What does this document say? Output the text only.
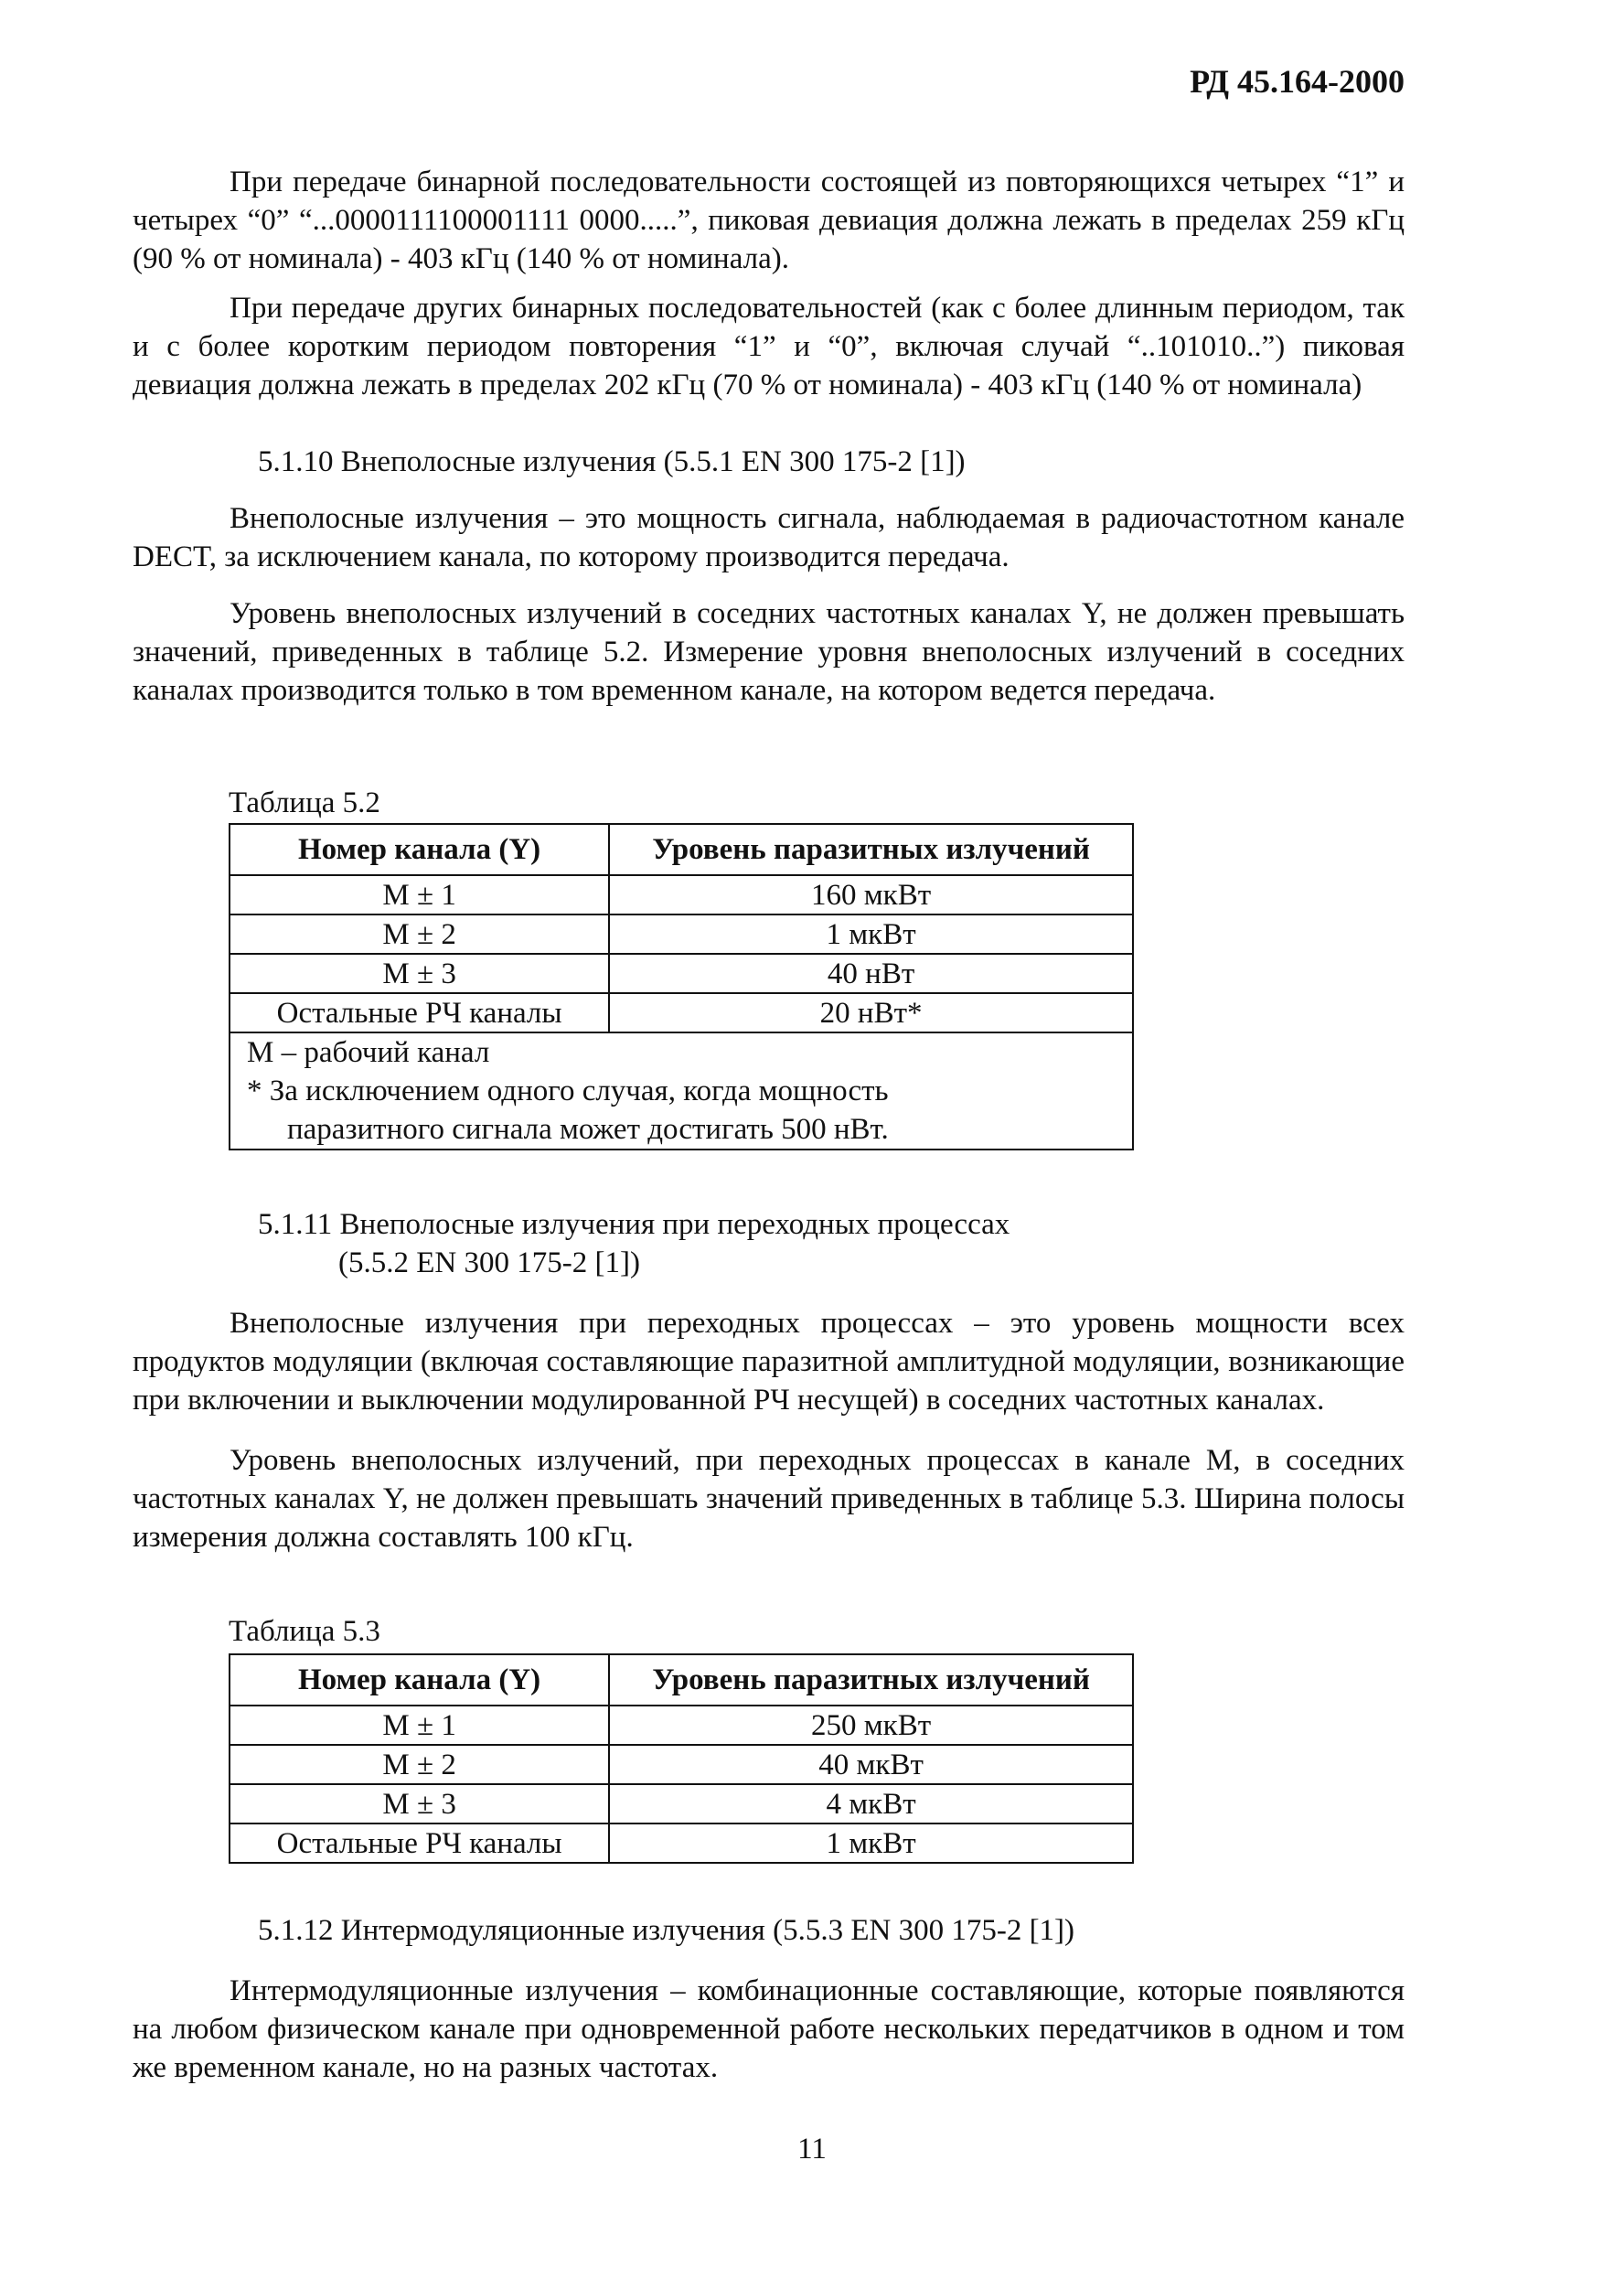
РД 45.164-2000

При передаче бинарной последовательности состоящей из повторяющихся четырех “1” и четырех “0” “...0000111100001111 0000.....”, пиковая девиация должна лежать в пределах 259 кГц (90 % от номинала) - 403 кГц (140 % от номинала).

При передаче других бинарных последовательностей (как с более длинным периодом, так и с более коротким периодом повторения “1” и “0”, включая случай “..101010..”) пиковая девиация должна лежать в пределах 202 кГц (70 % от номинала) - 403 кГц (140 % от номинала)

5.1.10 Внеполосные излучения (5.5.1 EN 300 175-2 [1])

Внеполосные излучения – это мощность сигнала, наблюдаемая в радиочастотном канале DECT, за исключением канала, по которому производится передача.

Уровень внеполосных излучений в соседних частотных каналах Y, не должен превышать значений, приведенных в таблице 5.2. Измерение уровня внеполосных излучений в соседних каналах производится только в том временном канале, на котором ведется передача.

Таблица 5.2
Номер канала (Y)	Уровень паразитных излучений
M ± 1	160 мкВт
M ± 2	1 мкВт
M ± 3	40 нВт
Остальные РЧ каналы	20 нВт*

M – рабочий канал
* За исключением одного случая, когда мощность
паразитного сигнала может достигать 500 нВт.	
5.1.11 Внеполосные излучения при переходных процессах
(5.5.2 EN 300 175-2 [1])

Внеполосные излучения при переходных процессах – это уровень мощности всех продуктов модуляции (включая составляющие паразитной амплитудной модуляции, возникающие при включении и выключении модулированной РЧ несущей) в соседних частотных каналах.

Уровень внеполосных излучений, при переходных процессах в канале М, в соседних частотных каналах Y, не должен превышать значений приведенных в таблице 5.3. Ширина полосы измерения должна составлять 100 кГц.

Таблица 5.3
Номер канала (Y)	Уровень паразитных излучений
M ± 1	250 мкВт
M ± 2	40 мкВт
M ± 3	4 мкВт
Остальные РЧ каналы	1 мкВт
5.1.12 Интермодуляционные излучения (5.5.3 EN 300 175-2 [1])

Интермодуляционные излучения – комбинационные составляющие, которые появляются на любом физическом канале при одновременной работе нескольких передатчиков в одном и том же временном канале, но на разных частотах.

11
